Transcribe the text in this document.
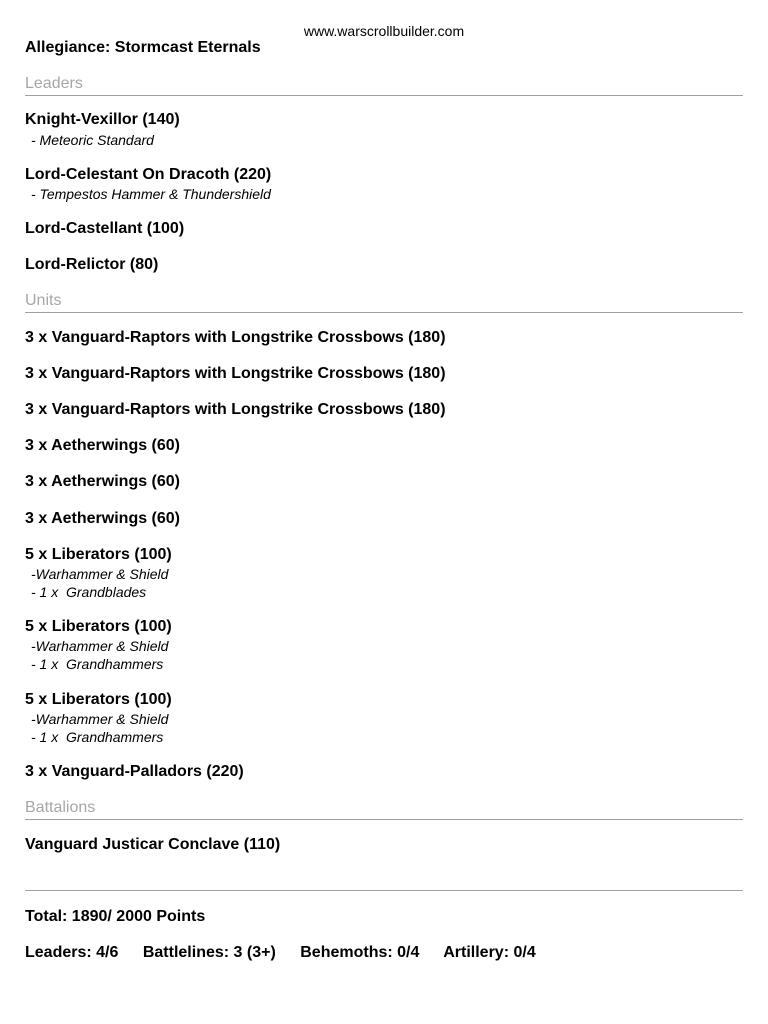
www.warscrollbuilder.com
Allegiance: Stormcast Eternals
Leaders
Knight-Vexillor (140)
- Meteoric Standard
Lord-Celestant On Dracoth (220)
- Tempestos Hammer & Thundershield
Lord-Castellant (100)
Lord-Relictor (80)
Units
3 x Vanguard-Raptors with Longstrike Crossbows (180)
3 x Vanguard-Raptors with Longstrike Crossbows (180)
3 x Vanguard-Raptors with Longstrike Crossbows (180)
3 x Aetherwings (60)
3 x Aetherwings (60)
3 x Aetherwings (60)
5 x Liberators (100)
-Warhammer & Shield
- 1 x  Grandblades
5 x Liberators (100)
-Warhammer & Shield
- 1 x  Grandhammers
5 x Liberators (100)
-Warhammer & Shield
- 1 x  Grandhammers
3 x Vanguard-Palladors (220)
Battalions
Vanguard Justicar Conclave (110)
Total: 1890/ 2000 Points
Leaders: 4/6 Battlelines: 3 (3+) Behemoths: 0/4 Artillery: 0/4
